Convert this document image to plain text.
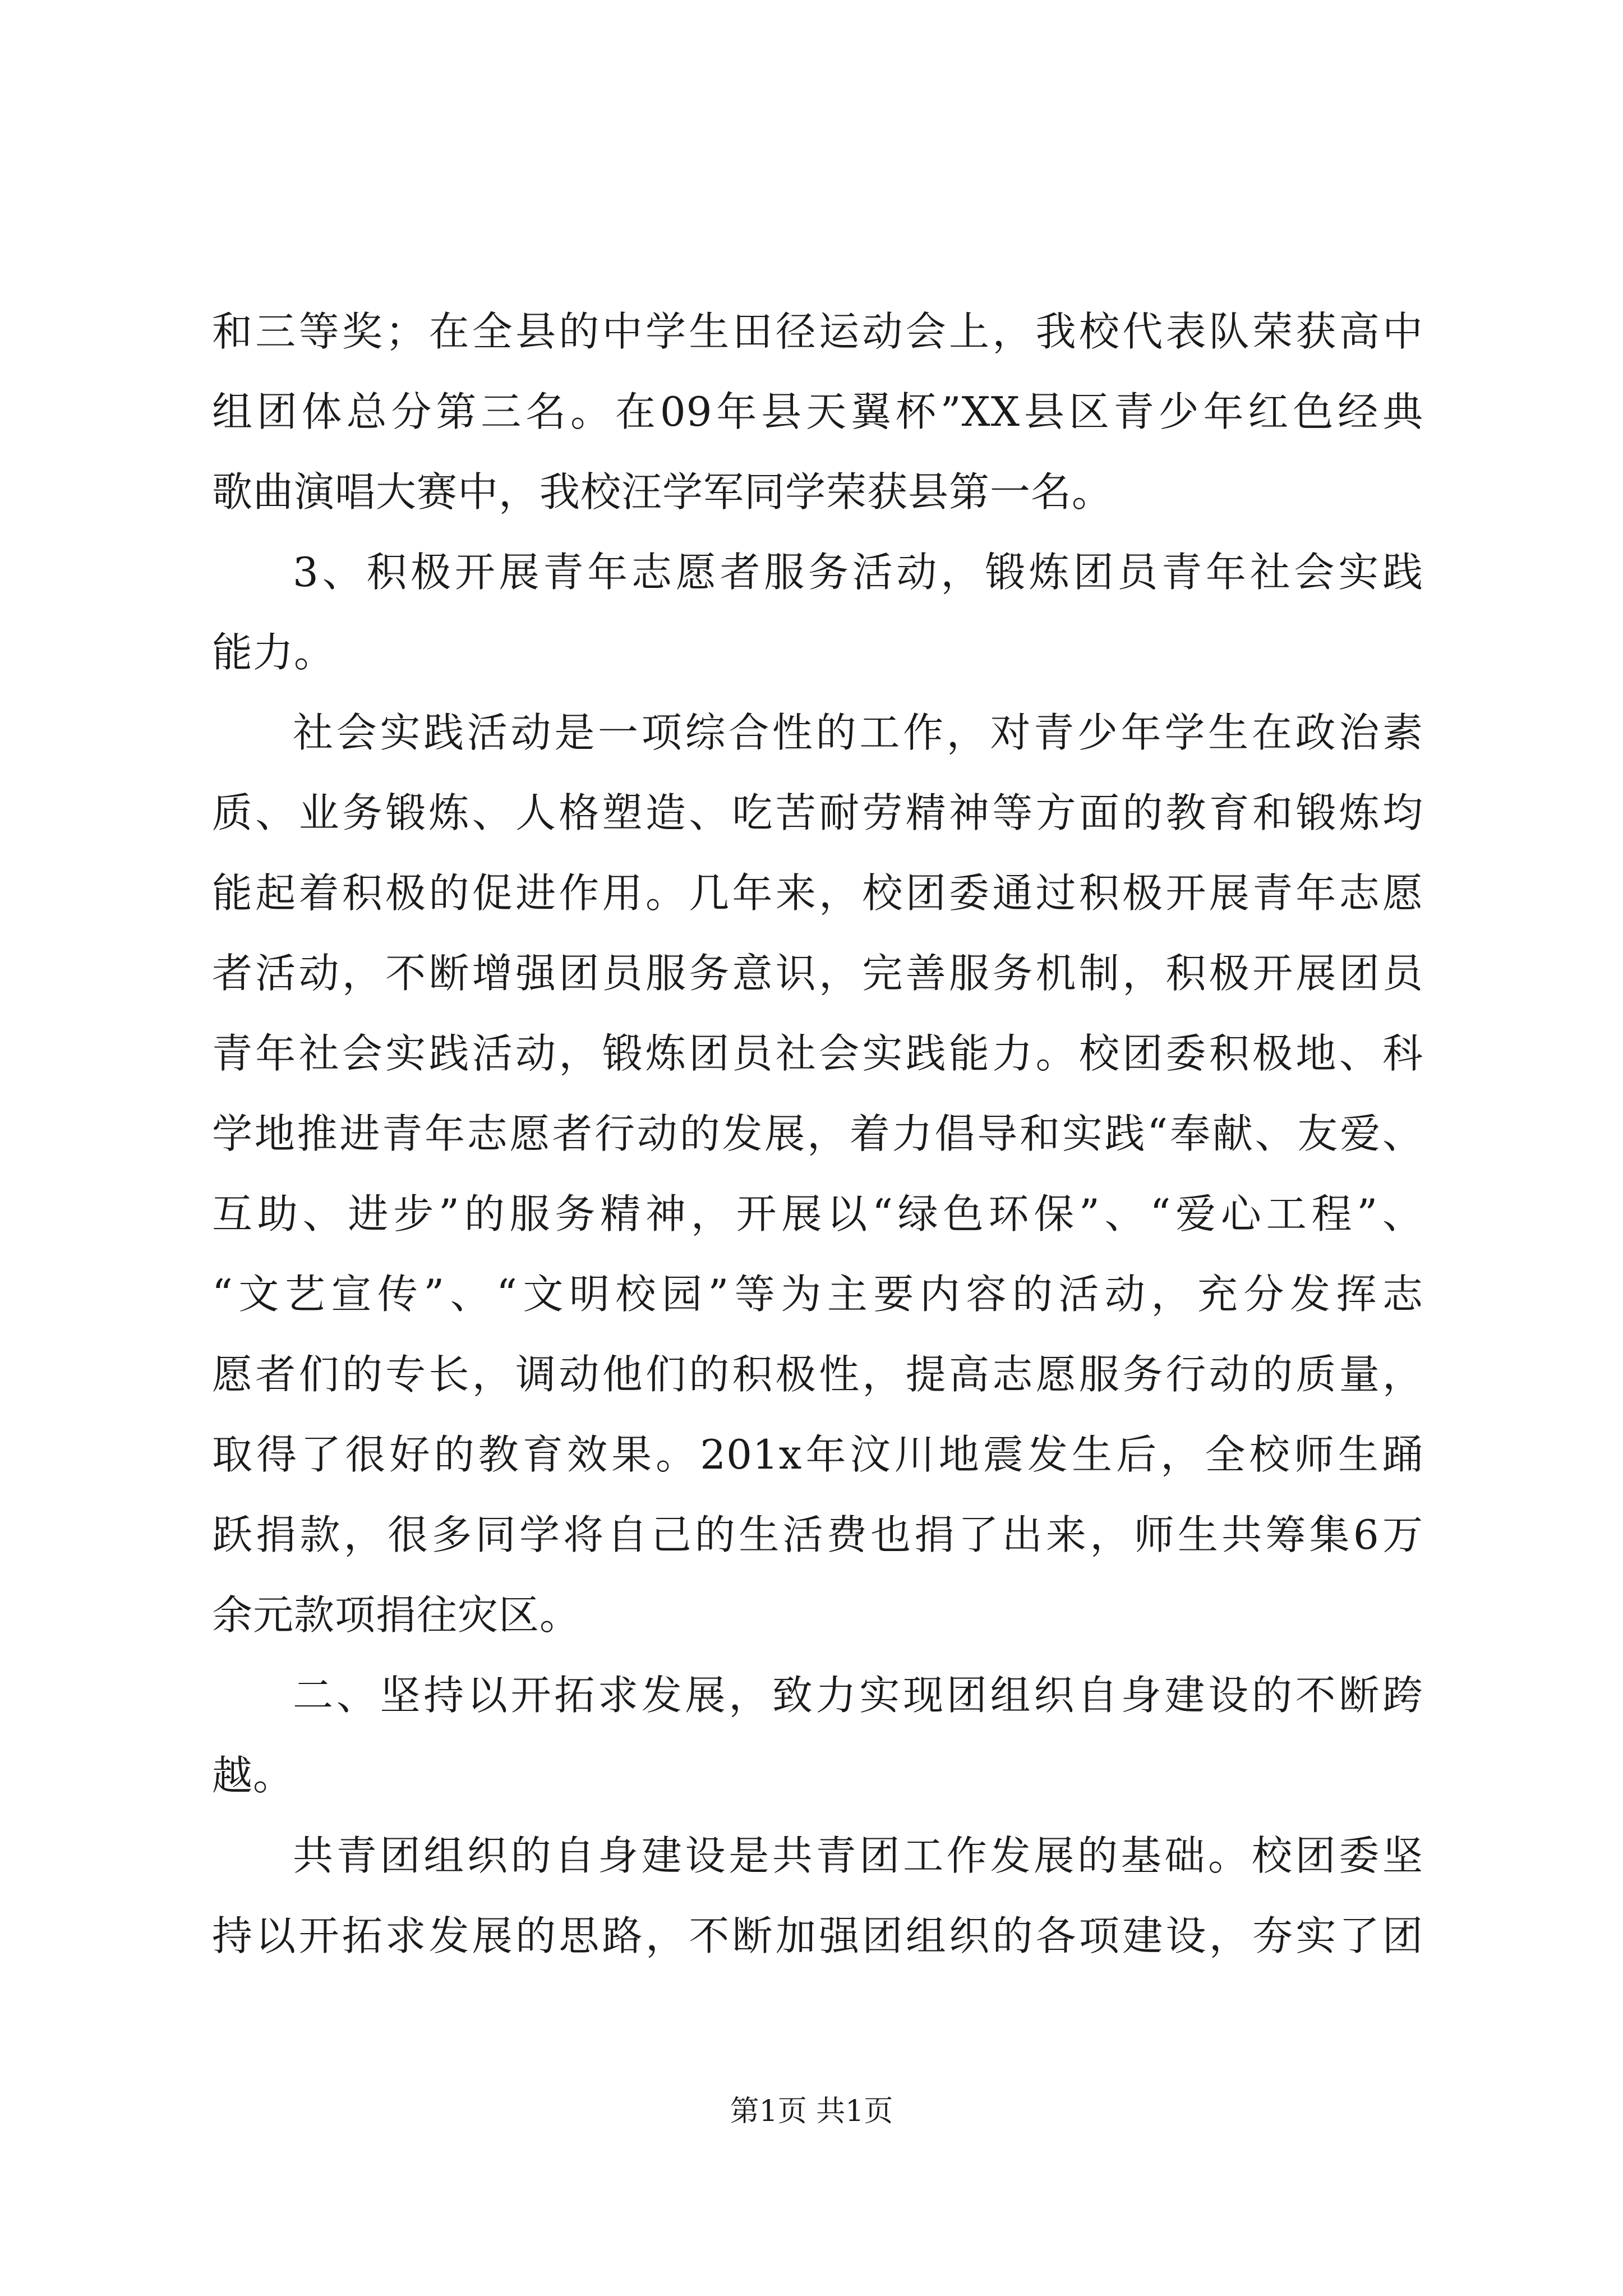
和三等奖；在全县的中学生田径运动会上，我校代表队荣获高中
组团体总分第三名。在09年县天翼杯”XX县区青少年红色经典
歌曲演唱大赛中，我校汪学军同学荣获县第一名。
3、积极开展青年志愿者服务活动，锻炼团员青年社会实践
能力。
社会实践活动是一项综合性的工作，对青少年学生在政治素
质、业务锻炼、人格塑造、吃苦耐劳精神等方面的教育和锻炼均
能起着积极的促进作用。几年来，校团委通过积极开展青年志愿
者活动，不断增强团员服务意识，完善服务机制，积极开展团员
青年社会实践活动，锻炼团员社会实践能力。校团委积极地、科
学地推进青年志愿者行动的发展，着力倡导和实践“奉献、友爱、
互助、进步”的服务精神，开展以“绿色环保”、“爱心工程”、
“文艺宣传”、“文明校园”等为主要内容的活动，充分发挥志
愿者们的专长，调动他们的积极性，提高志愿服务行动的质量，
取得了很好的教育效果。201x年汶川地震发生后，全校师生踊
跃捐款，很多同学将自己的生活费也捐了出来，师生共筹集6万
余元款项捐往灾区。
二、坚持以开拓求发展，致力实现团组织自身建设的不断跨
越。
共青团组织的自身建设是共青团工作发展的基础。校团委坚
持以开拓求发展的思路，不断加强团组织的各项建设，夯实了团
第1页 共1页
